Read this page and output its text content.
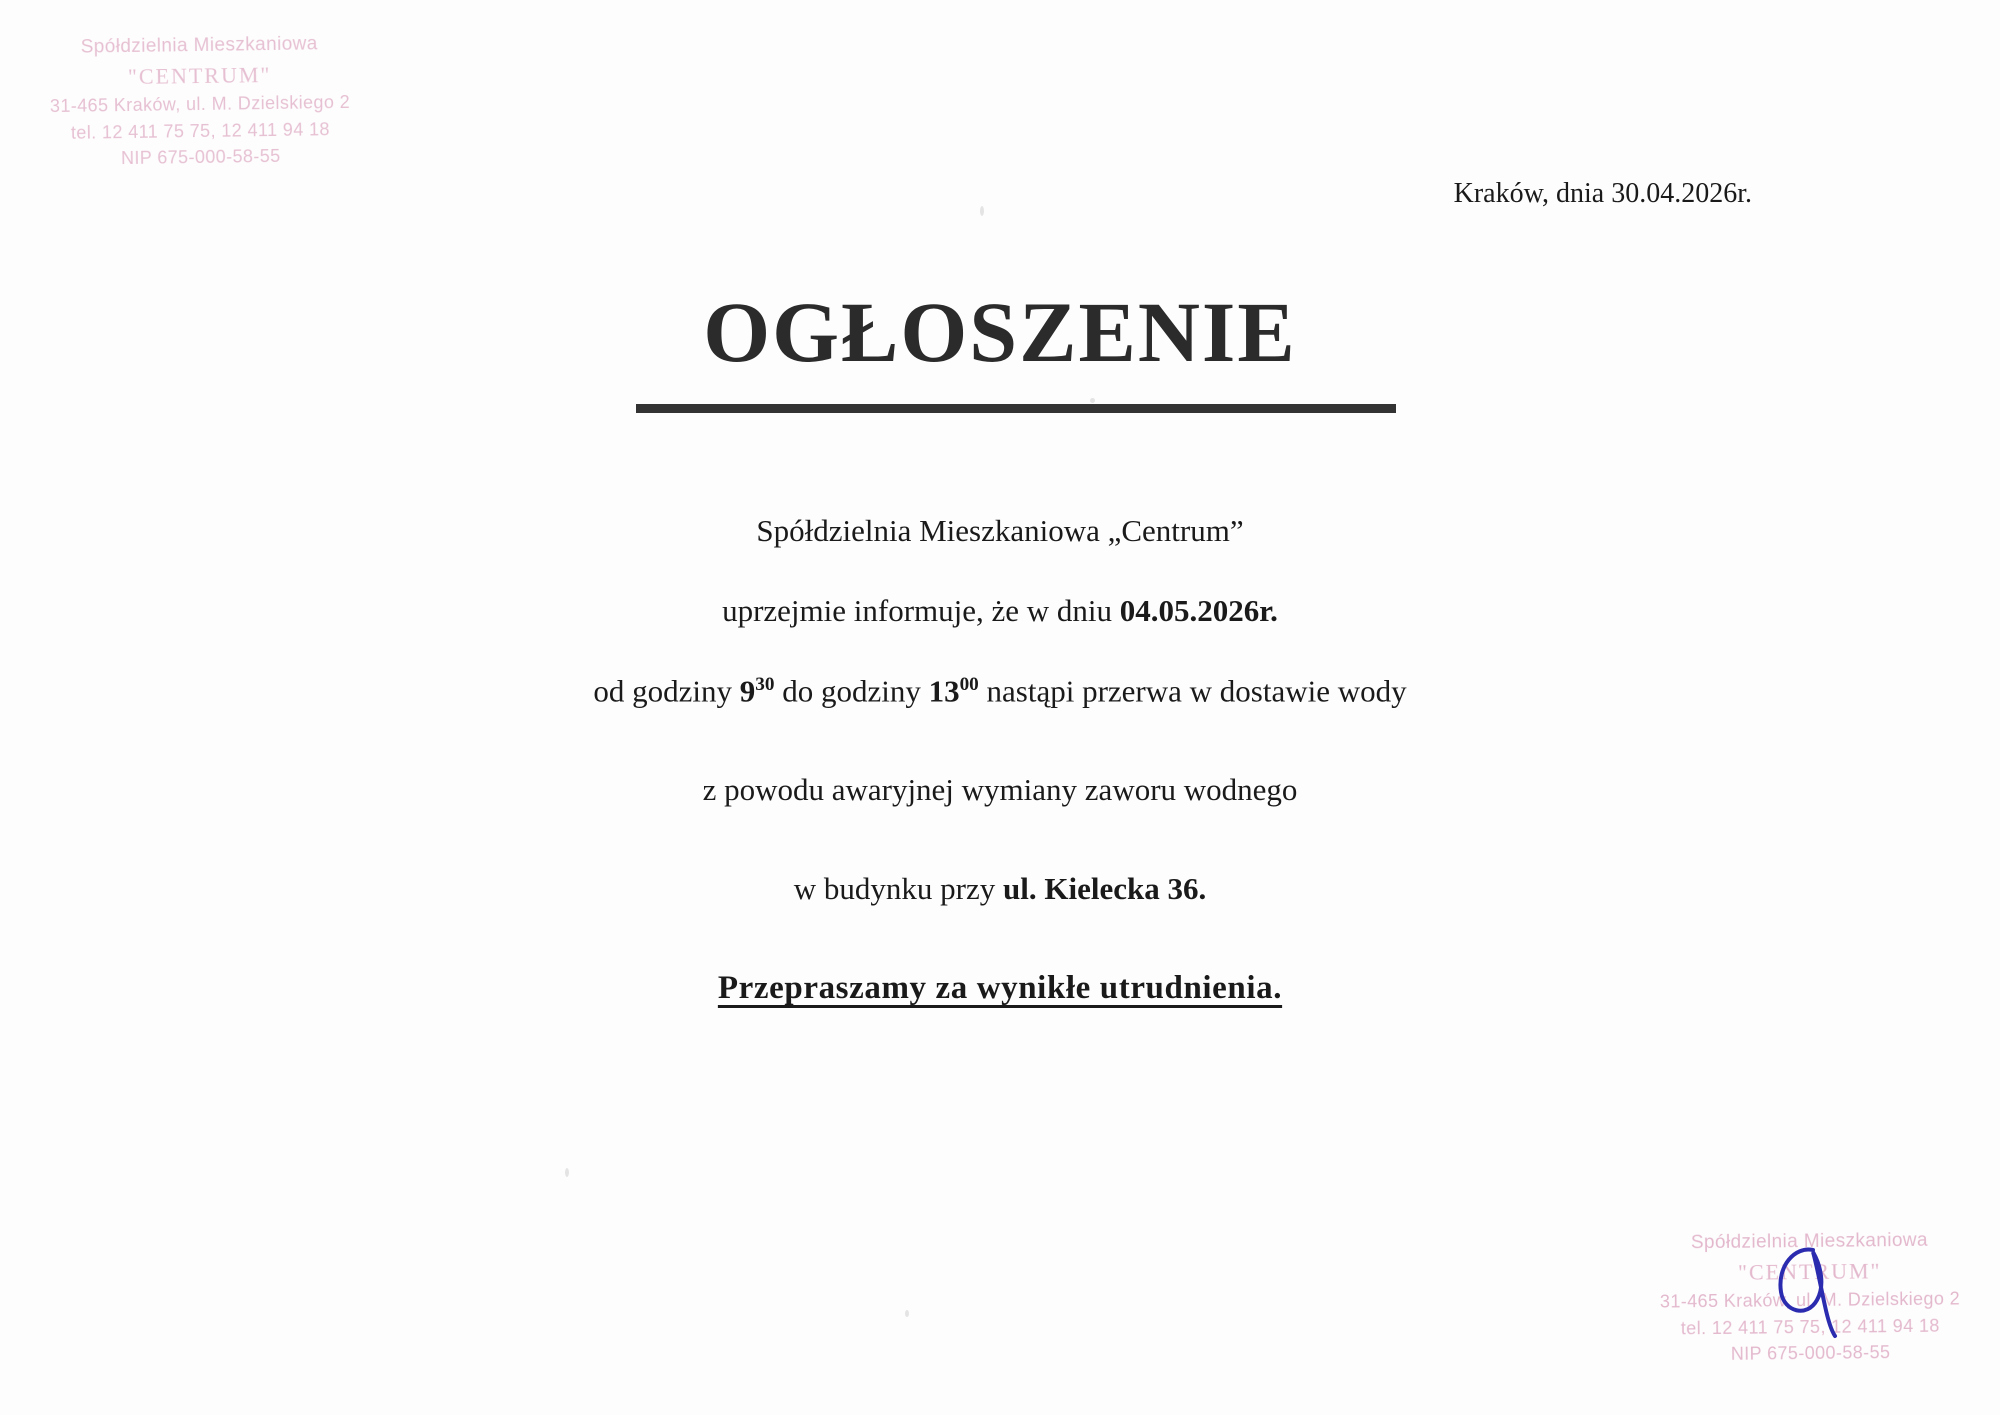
Spółdzielnia Mieszkaniowa
"CENTRUM"
31-465 Kraków, ul. M. Dzielskiego 2
tel. 12 411 75 75, 12 411 94 18
NIP 675-000-58-55
Kraków, dnia 30.04.2026r.
OGŁOSZENIE

Spółdzielnia Mieszkaniowa „Centrum”

uprzejmie informuje, że w dniu 04.05.2026r.

od godziny $9^{30}$ do godziny $13^{00}$ nastąpi przerwa w dostawie wody

z powodu awaryjnej wymiany zaworu wodnego

w budynku przy ul. Kielecka 36.

Przepraszamy za wynikłe utrudnienia.

Spółdzielnia Mieszkaniowa
"CENTRUM"
31-465 Kraków, ul. M. Dzielskiego 2
tel. 12 411 75 75, 12 411 94 18
NIP 675-000-58-55
